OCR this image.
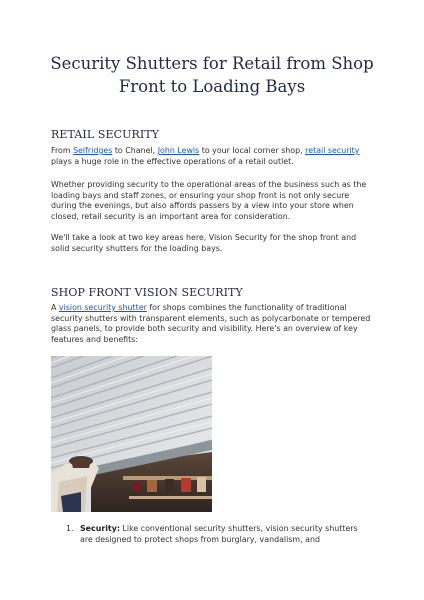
Security Shutters for Retail from Shop Front to Loading Bays
RETAIL SECURITY

From Selfridges to Chanel, John Lewis to your local corner shop, retail security plays a huge role in the effective operations of a retail outlet.

Whether providing security to the operational areas of the business such as the loading bays and staff zones, or ensuring your shop front is not only secure during the evenings, but also affords passers by a view into your store when closed, retail security is an important area for consideration.

We'll take a look at two key areas here, Vision Security for the shop front and solid security shutters for the loading bays.

SHOP FRONT VISION SECURITY

A vision security shutter for shops combines the functionality of traditional security shutters with transparent elements, such as polycarbonate or tempered glass panels, to provide both security and visibility. Here's an overview of key features and benefits:

1. Security: Like conventional security shutters, vision security shutters are designed to protect shops from burglary, vandalism, and
